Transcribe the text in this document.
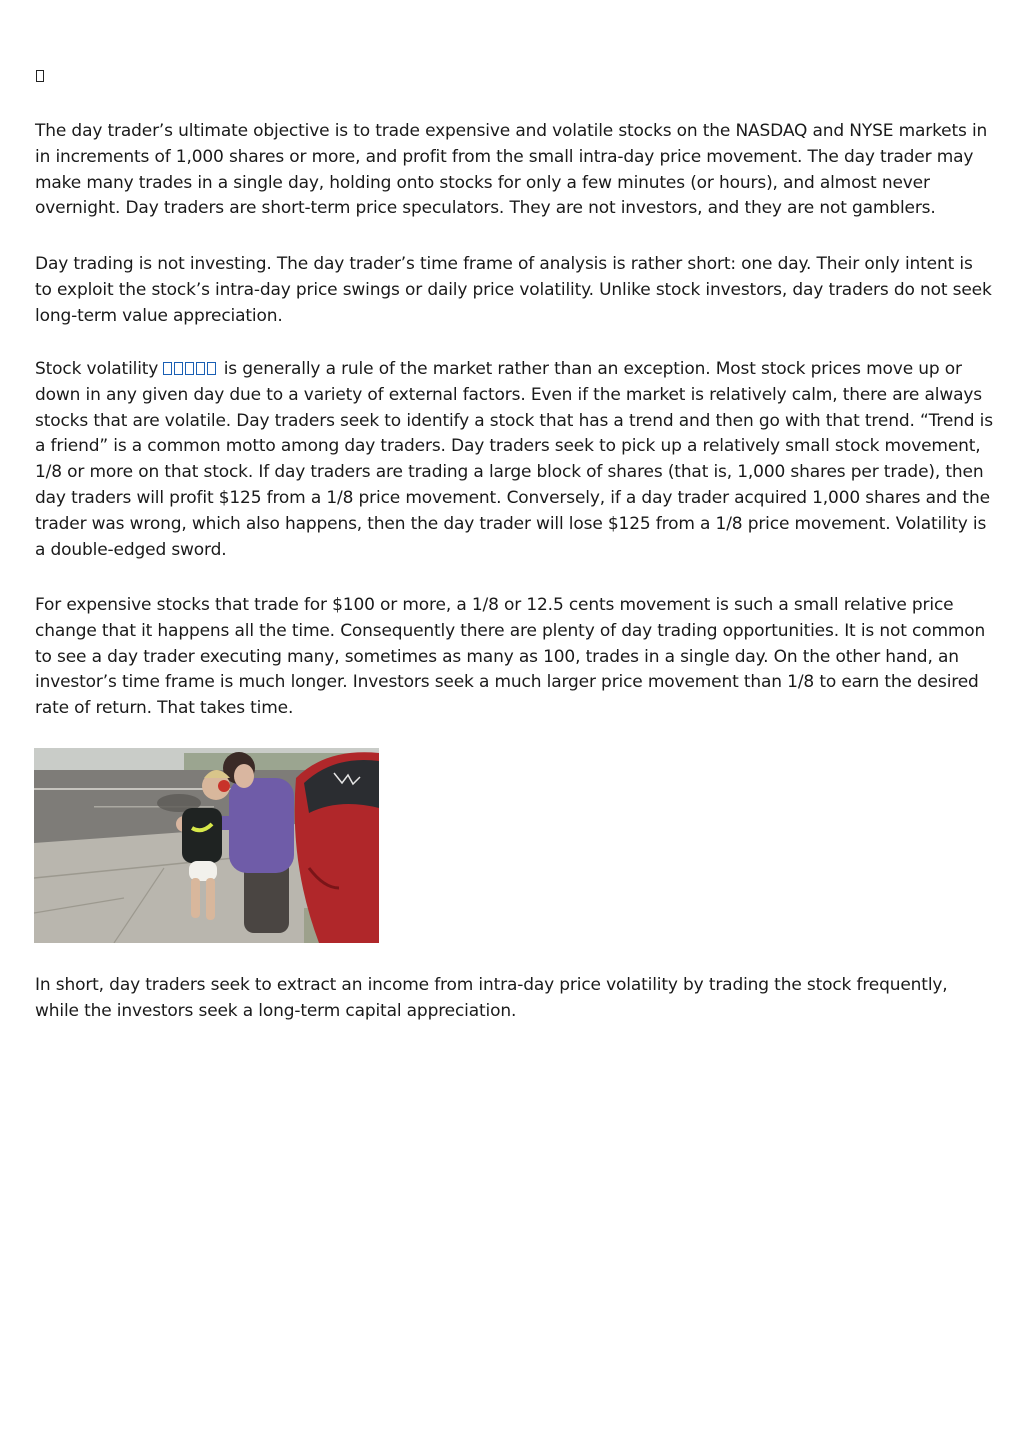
The day trader’s ultimate objective is to trade expensive and volatile stocks on the NASDAQ and NYSE markets in in increments of 1,000 shares or more, and profit from the small intra-day price movement. The day trader may make many trades in a single day, holding onto stocks for only a few minutes (or hours), and almost never overnight. Day traders are short-term price speculators. They are not investors, and they are not gamblers.

Day trading is not investing. The day trader’s time frame of analysis is rather short: one day. Their only intent is to exploit the stock’s intra-day price swings or daily price volatility. Unlike stock investors, day traders do not seek long-term value appreciation.

Stock volatility	is generally a rule of the market rather than an exception. Most stock prices move up or down in any given day due to a variety of external factors. Even if the market is relatively calm, there are always stocks that are volatile. Day traders seek to identify a stock that has a trend and then go with that trend. “Trend is a friend” is a common motto among day traders. Day traders seek to pick up a relatively small stock movement, 1/8 or more on that stock. If day traders are trading a large block of shares (that is, 1,000 shares per trade), then day traders will profit $125 from a 1/8 price movement. Conversely, if a day trader acquired 1,000 shares and the trader was wrong, which also happens, then the day trader will lose $125 from a 1/8 price movement. Volatility is a double-edged sword.

For expensive stocks that trade for $100 or more, a 1/8 or 12.5 cents movement is such a small relative price change that it happens all the time. Consequently there are plenty of day trading opportunities. It is not common to see a day trader executing many, sometimes as many as 100, trades in a single day. On the other hand, an investor’s time frame is much longer. Investors seek a much larger price movement than 1/8 to earn the desired rate of return. That takes time.

In short, day traders seek to extract an income from intra-day price volatility by trading the stock frequently, while the investors seek a long-term capital appreciation.
